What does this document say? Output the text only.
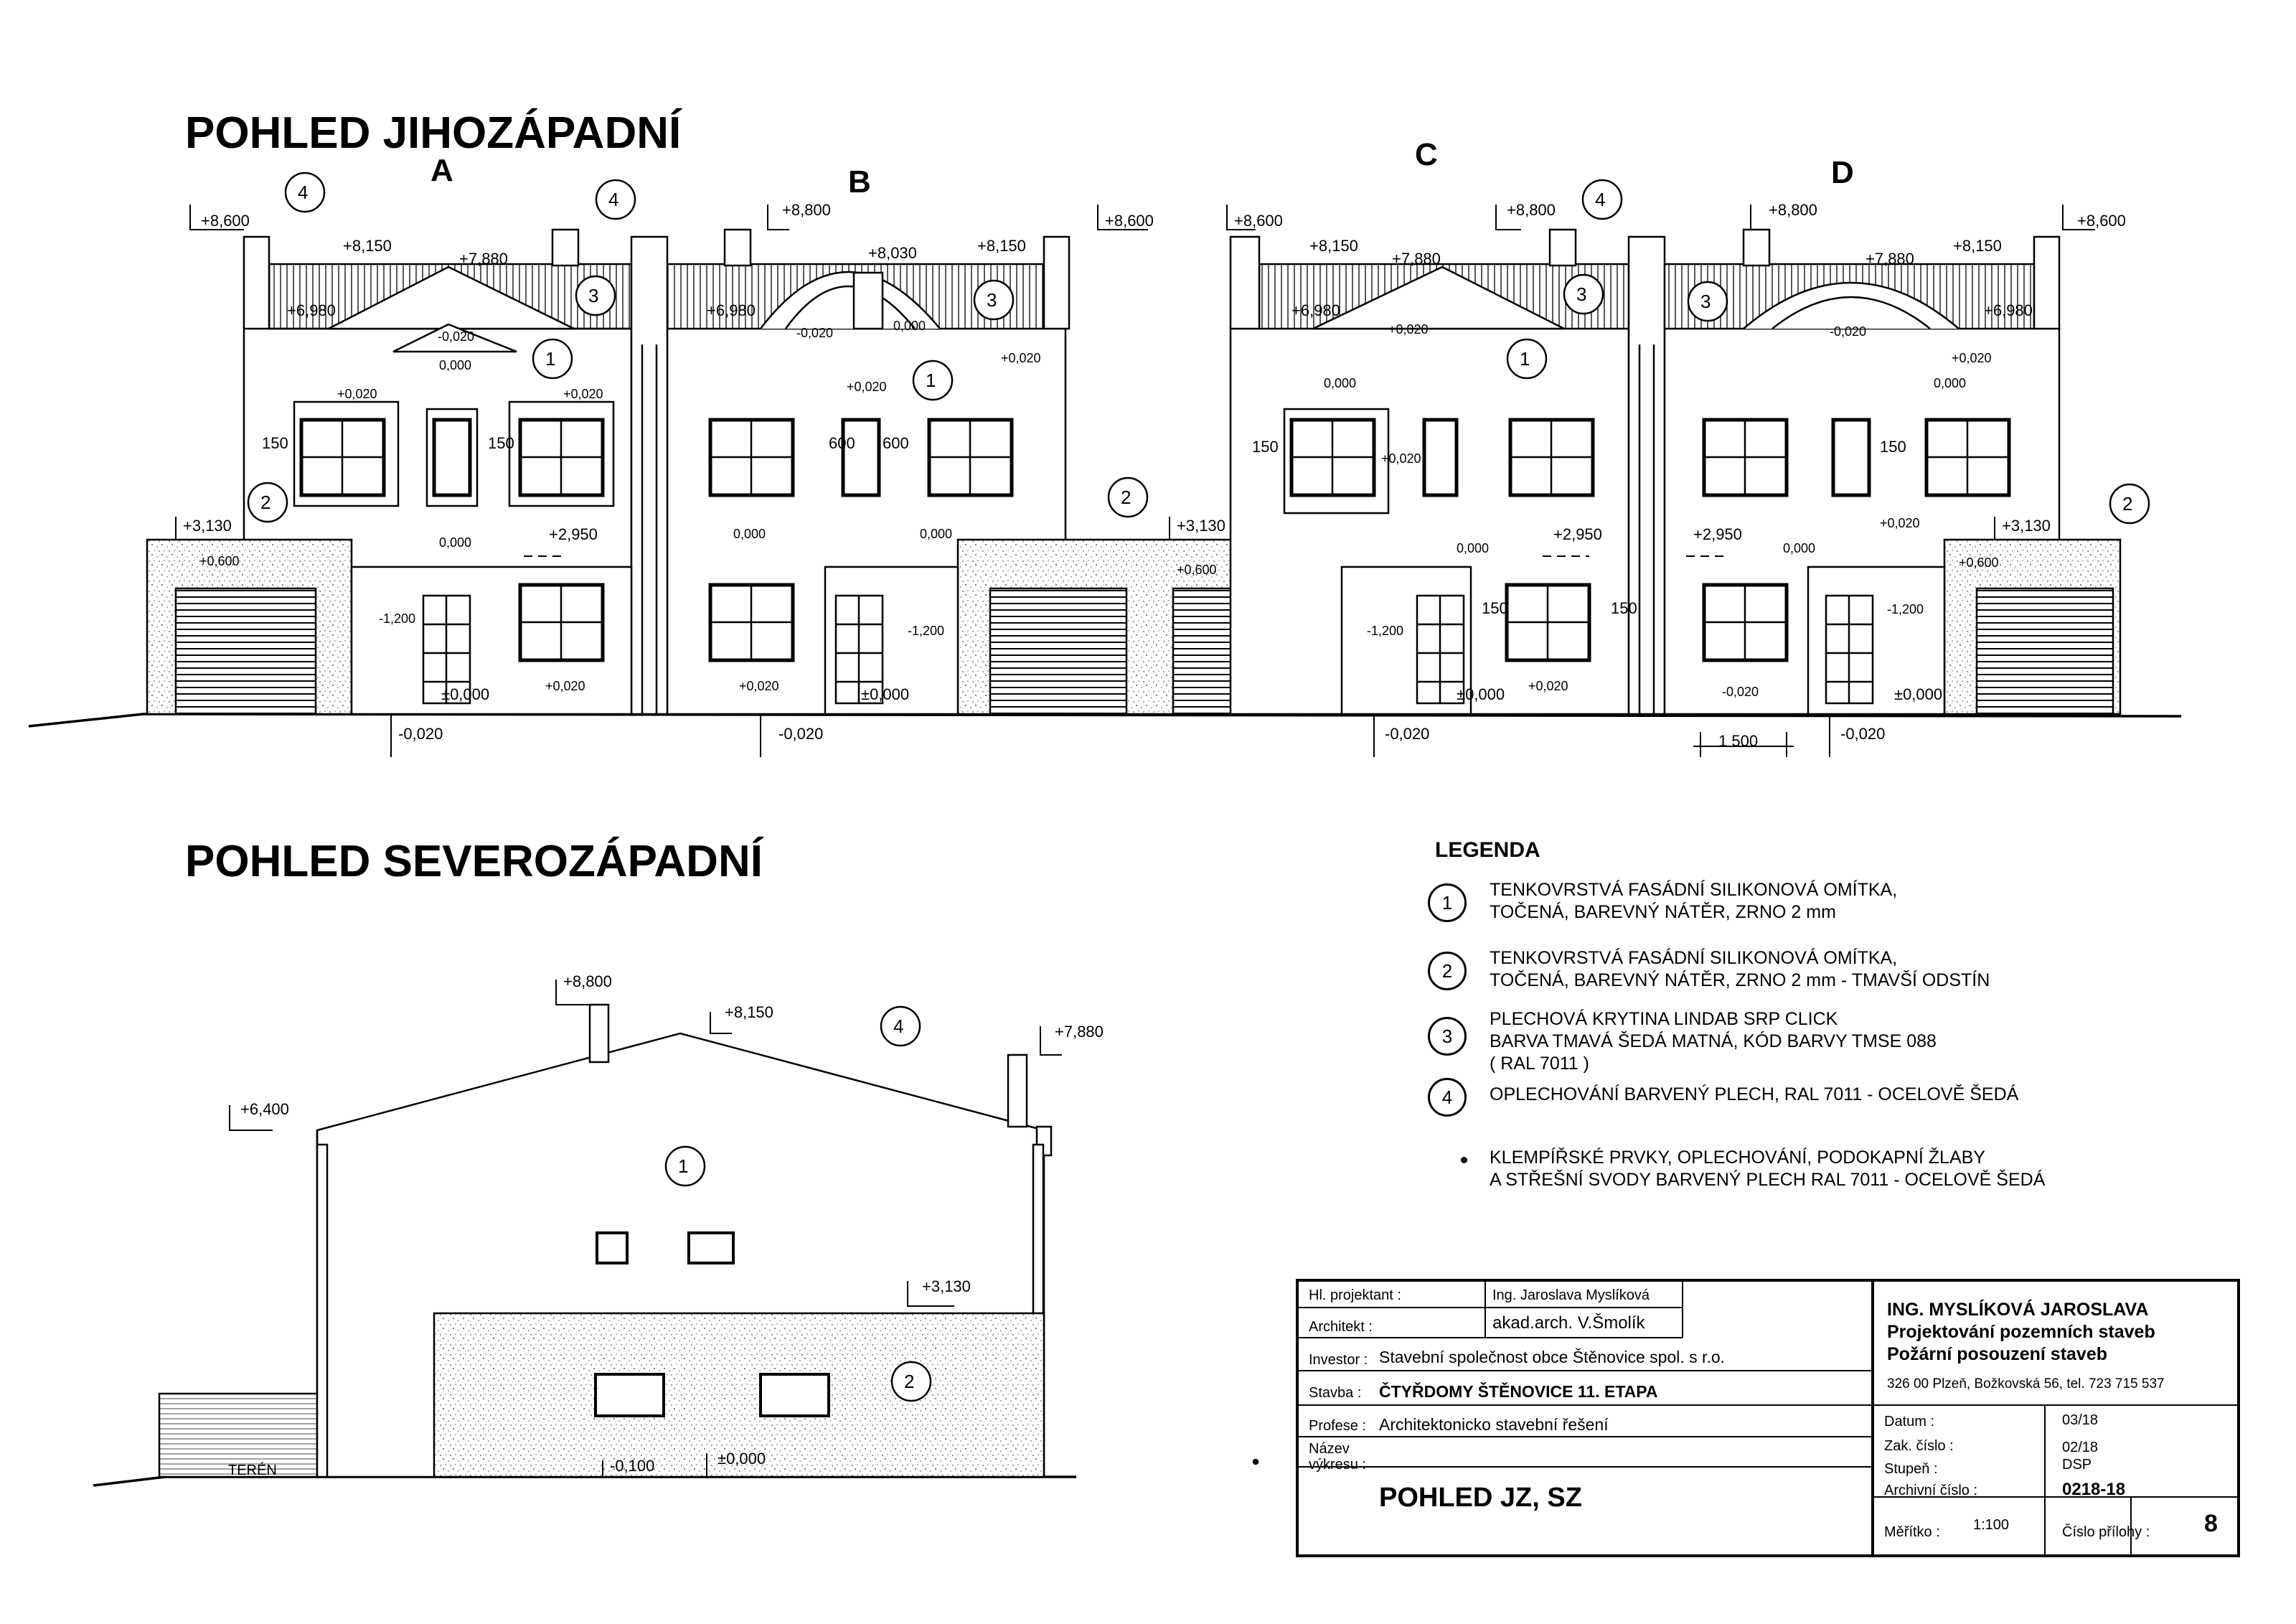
POHLED JIHOZÁPADNÍ
POHLED SEVEROZÁPADNÍ
A	B
C
D
4	4
3
1
2
3
1
2
4
3
1
3
2
4
1
2
+8,600
+8,150
+7,880
+6,980
+8,800
+8,030	+8,150
+8,600
+6,980
+8,600
+8,150
+7,880
+6,980
+8,800	+8,800
+7,880
+8,150
+8,600
+6,980
+3,130	+3,130	+3,130
+2,950	+2,950	+2,950
±0,000	±0,000	±0,000	±0,000
-0,020	-0,020	-0,020	-0,020
1 500
-1,200
-1,200	-1,200
-1,200
+0,600
+0,600	+0,600
-0,020
0,000
0,000
+0,020	+0,020
+0,020
-0,020	0,000
+0,020
+0,020
0,000	0,000
+0,020
+0,020
0,000
+0,020
0,000
+0,020
-0,020
0,000
+0,020
+0,020
0,000
-0,020
150	150	600 600	150	150
150	150
+8,800
+8,150
+7,880
+6,400
+3,130
-0,100	±0,000
TERÉN
LEGENDA
1
TENKOVRSTVÁ FASÁDNÍ SILIKONOVÁ OMÍTKA,
TOČENÁ, BAREVNÝ NÁTĚR, ZRNO 2 mm
2
TENKOVRSTVÁ FASÁDNÍ SILIKONOVÁ OMÍTKA,
TOČENÁ, BAREVNÝ NÁTĚR, ZRNO 2 mm - TMAVŠÍ ODSTÍN
3
PLECHOVÁ KRYTINA LINDAB SRP CLICK
BARVA TMAVÁ ŠEDÁ MATNÁ, KÓD BARVY TMSE 088
( RAL 7011 )
4	OPLECHOVÁNÍ BARVENÝ PLECH, RAL 7011 - OCELOVĚ ŠEDÁ
KLEMPÍŘSKÉ PRVKY, OPLECHOVÁNÍ, PODOKAPNÍ ŽLABY
A STŘEŠNÍ SVODY BARVENÝ PLECH RAL 7011 - OCELOVĚ ŠEDÁ
Hl. projektant :	Ing. Jaroslava Myslíková
Architekt :	akad.arch. V.Šmolík
Investor : Stavební společnost obce Štěnovice spol. s r.o.
Stavba : ČTYŘDOMY ŠTĚNOVICE 11. ETAPA
Profese : Architektonicko stavební řešení
Název
výkresu :
POHLED JZ, SZ
ING. MYSLÍKOVÁ JAROSLAVA
Projektování pozemních staveb
Požární posouzení staveb
326 00 Plzeň, Božkovská 56, tel. 723 715 537
Datum :	03/18
Zak. číslo :	02/18
Stupeň :	DSP
Archivní číslo :	0218-18
Měřítko : 1:100	Číslo přílohy : 8
